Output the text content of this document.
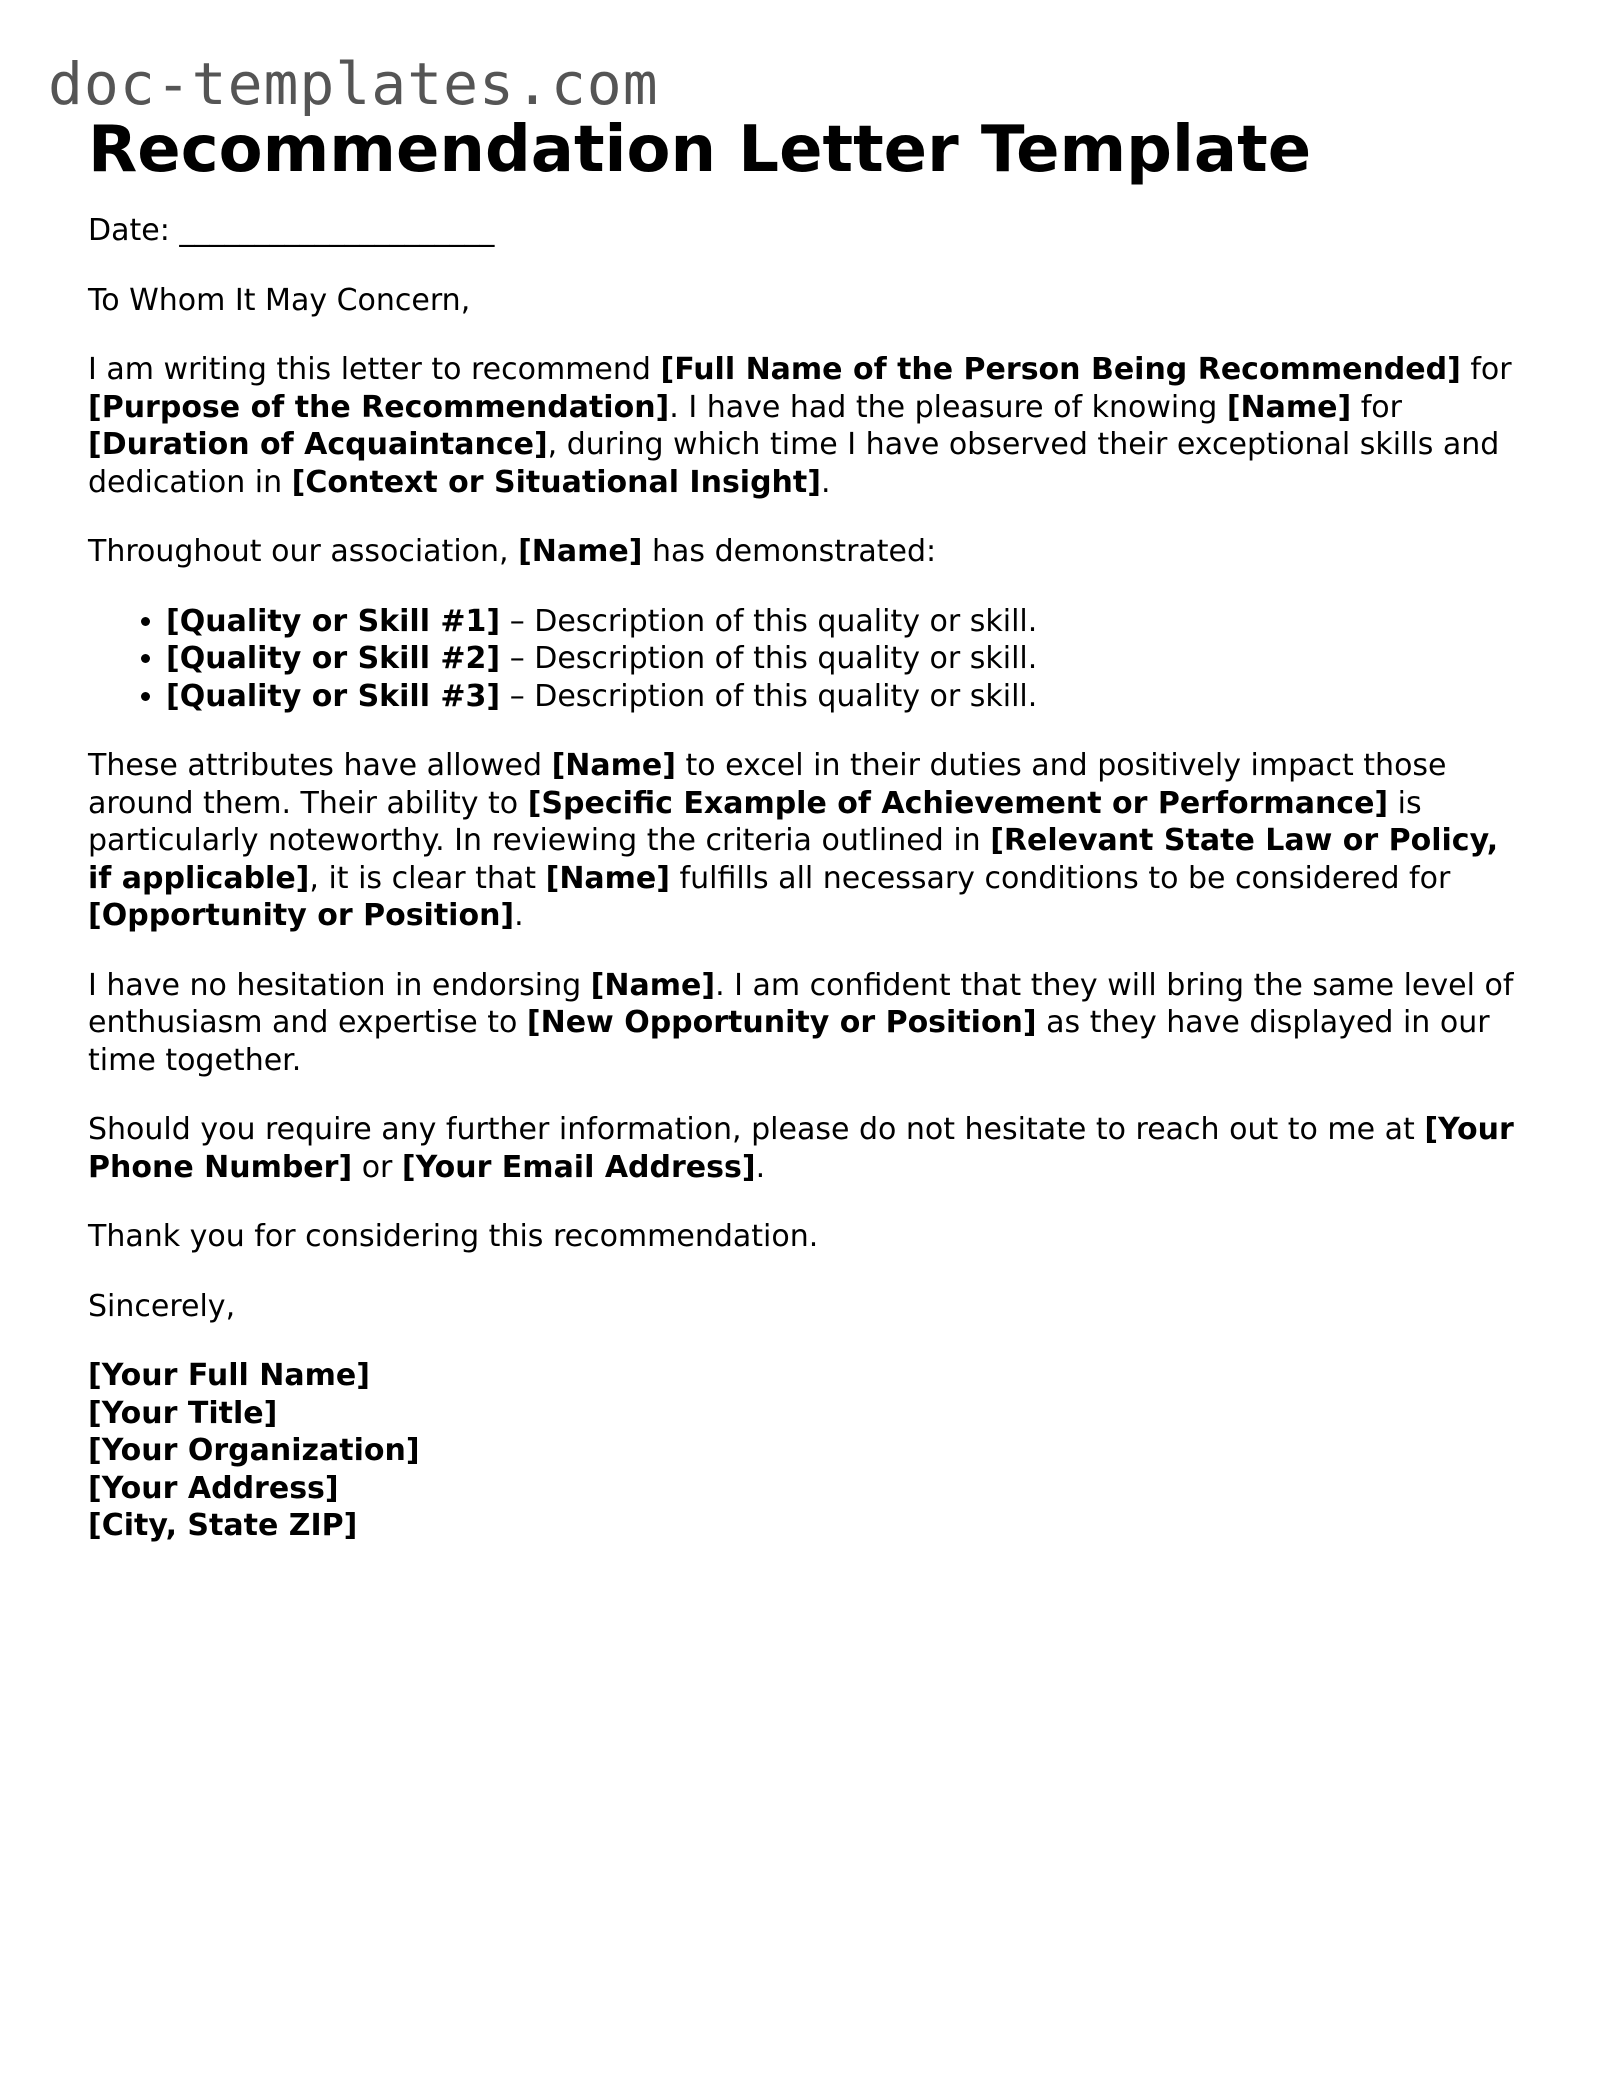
doc-templates.com
Recommendation Letter Template

Date: _____________________

To Whom It May Concern,

I am writing this letter to recommend [Full Name of the Person Being Recommended] for [Purpose of the Recommendation]. I have had the pleasure of knowing [Name] for [Duration of Acquaintance], during which time I have observed their exceptional skills and dedication in [Context or Situational Insight].

Throughout our association, [Name] has demonstrated:

• [Quality or Skill #1] – Description of this quality or skill.
• [Quality or Skill #2] – Description of this quality or skill.
• [Quality or Skill #3] – Description of this quality or skill.

These attributes have allowed [Name] to excel in their duties and positively impact those around them. Their ability to [Specific Example of Achievement or Performance] is particularly noteworthy. In reviewing the criteria outlined in [Relevant State Law or Policy, if applicable], it is clear that [Name] fulfills all necessary conditions to be considered for [Opportunity or Position].

I have no hesitation in endorsing [Name]. I am confident that they will bring the same level of enthusiasm and expertise to [New Opportunity or Position] as they have displayed in our time together.

Should you require any further information, please do not hesitate to reach out to me at [Your Phone Number] or [Your Email Address].

Thank you for considering this recommendation.

Sincerely,

[Your Full Name]
[Your Title]
[Your Organization]
[Your Address]
[City, State ZIP]
